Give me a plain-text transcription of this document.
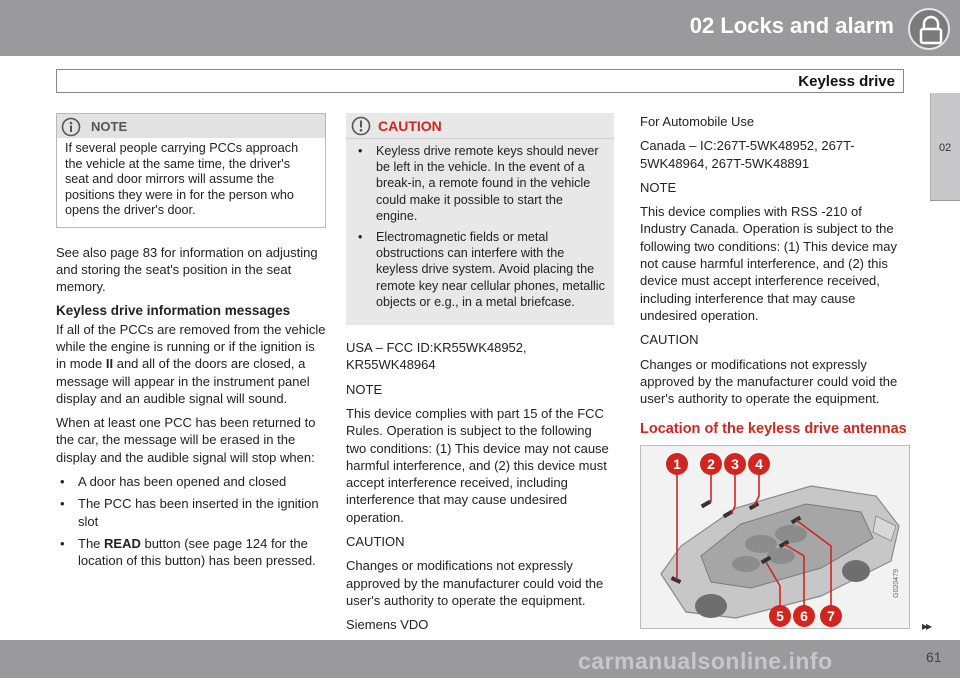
02 Locks and alarm
Keyless drive
02
NOTE
If several people carrying PCCs approach the vehicle at the same time, the driver's seat and door mirrors will assume the positions they were in for the person who opens the driver's door.

See also page 83 for information on adjusting and storing the seat's position in the seat memory.

Keyless drive information messages

If all of the PCCs are removed from the vehicle while the engine is running or if the ignition is in mode II and all of the doors are closed, a message will appear in the instrument panel display and an audible signal will sound.

When at least one PCC has been returned to the car, the message will be erased in the display and the audible signal will stop when:

• A door has been opened and closed
• The PCC has been inserted in the ignition slot
• The READ button (see page 124 for the location of this button) has been pressed.
CAUTION
• Keyless drive remote keys should never be left in the vehicle. In the event of a break-in, a remote found in the vehicle could make it possible to start the engine.
• Electromagnetic fields or metal obstructions can interfere with the keyless drive system. Avoid placing the remote key near cellular phones, metallic objects or e.g., in a metal briefcase.

USA – FCC ID:KR55WK48952, KR55WK48964

NOTE

This device complies with part 15 of the FCC Rules. Operation is subject to the following two conditions: (1) This device may not cause harmful interference, and (2) this device must accept interference received, including interference that may cause undesired operation.

CAUTION

Changes or modifications not expressly approved by the manufacturer could void the user's authority to operate the equipment.

Siemens VDO

For Automobile Use

Canada – IC:267T-5WK48952, 267T-5WK48964, 267T-5WK48891

NOTE

This device complies with RSS -210 of Industry Canada. Operation is subject to the following two conditions: (1) This device may not cause harmful interference, and (2) this device must accept interference received, including interference that may cause undesired operation.

CAUTION

Changes or modifications not expressly approved by the manufacturer could void the user's authority to operate the equipment.

Location of the keyless drive antennas
1 2 3 4
5 6 7
G020479
▸▸
61
carmanualsonline.info
